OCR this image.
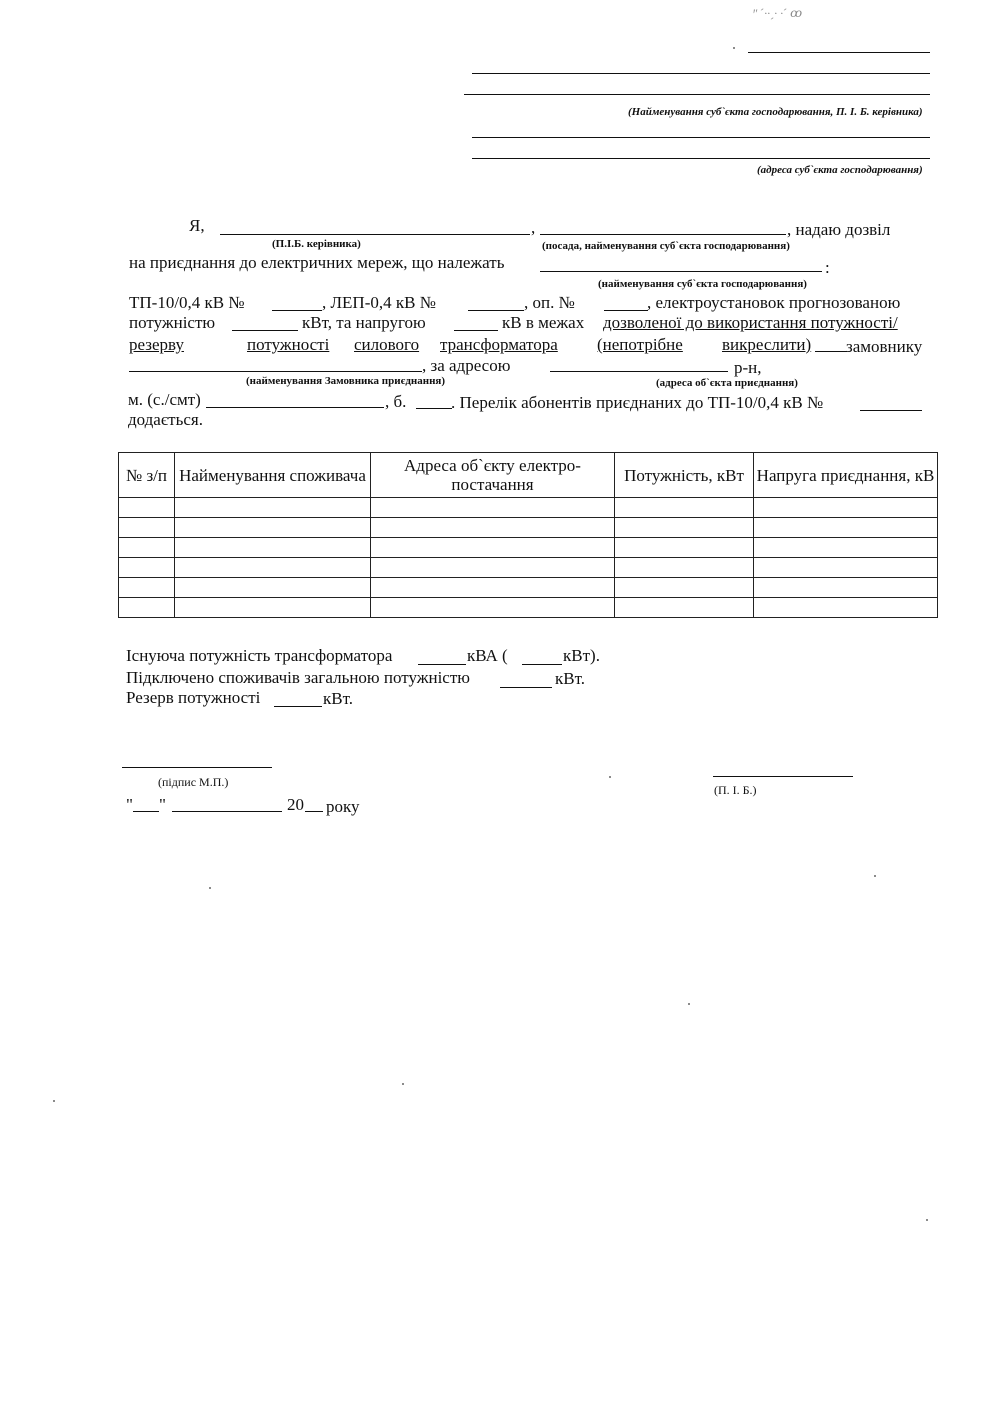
ꞌ' ˊ··ˏ· ·ˊ ꝏ
(Найменування суб`єкта господарювання, П. І. Б. керівника)
(адреса суб`єкта господарювання)
Я,	,	, надаю дозвіл
(П.І.Б. керівника)	(посада, найменування суб`єкта господарювання)
на приєднання до електричних мереж, що належать	:
(найменування суб`єкта господарювання)
ТП-10/0,4 кВ №	, ЛЕП-0,4 кВ №	, оп. №	, електроустановок прогнозованою
потужністю	кВт, та напругою	кВ в межах дозволеної до використання потужності/
резерву	потужності силового трансформатора (непотрібне викреслити) замовнику
, за адресою	р-н,
(найменування Замовника приєднання)	(адреса об`єкта приєднання)
м. (с./смт)	, б.	. Перелік абонентів приєднаних до ТП-10/0,4 кВ №
додається.
№ з/п	Найменування споживача	Адреса об`єкту електро-постачання	Потужність, кВт	Напруга приєднання, кВ

Існуюча потужність трансформатора	кВА (	кВт).
Підключено споживачів загальною потужністю	кВт.
Резерв потужності	кВт.
(підпис М.П.)
(П. І. Б.)
" "	20 року
